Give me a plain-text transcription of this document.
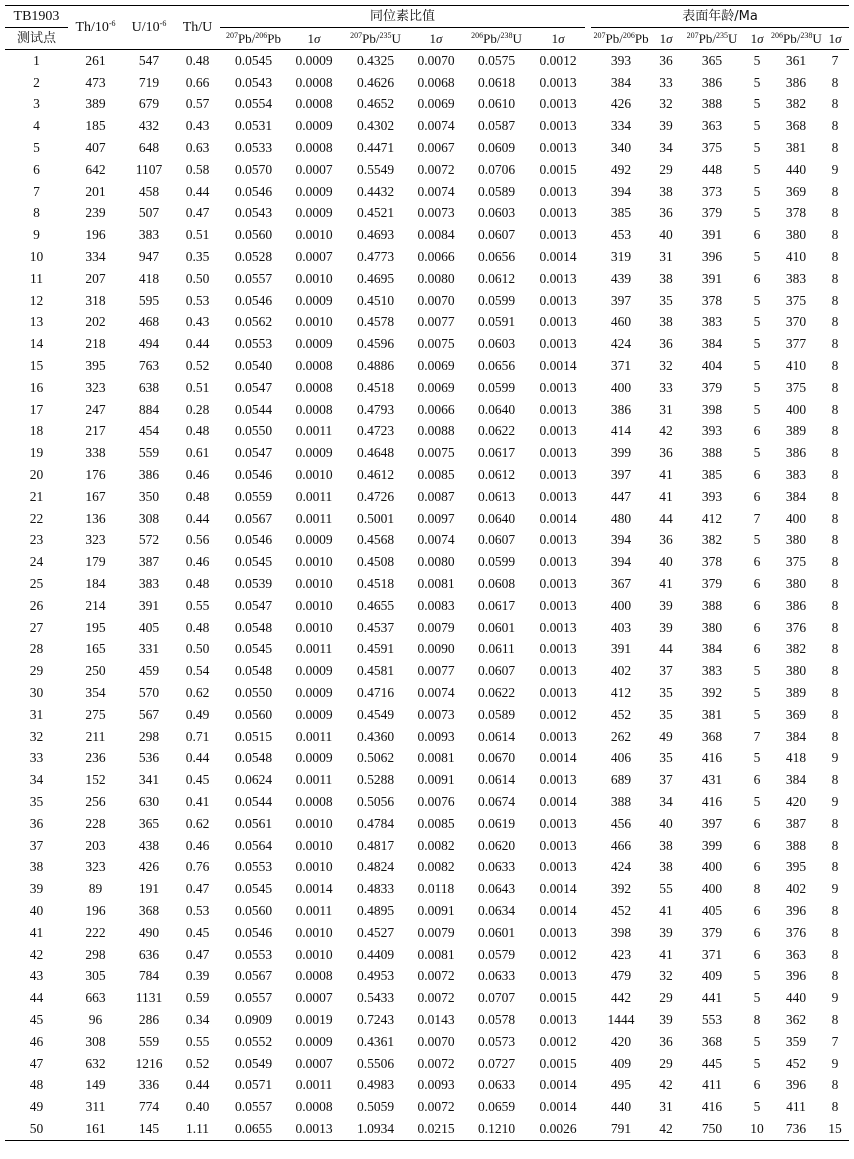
TB1903	$Th/10^{-6}$	$U/10^{-6}$	Th/U	同位素比值							表面年龄/Ma					
测试点				$^{207}$Pb/$^{206}$Pb	1σ	$^{207}$Pb/$^{235}$U	1σ	$^{206}$Pb/$^{238}$U	1σ		$^{207}$Pb/$^{206}$Pb	1σ	$^{207}$Pb/$^{235}$U	1σ	$^{206}$Pb/$^{238}$U	1σ
1	261	547	0.48	0.0545	0.0009	0.4325	0.0070	0.0575	0.0012		393	36	365	5	361	7
2	473	719	0.66	0.0543	0.0008	0.4626	0.0068	0.0618	0.0013		384	33	386	5	386	8
3	389	679	0.57	0.0554	0.0008	0.4652	0.0069	0.0610	0.0013		426	32	388	5	382	8
4	185	432	0.43	0.0531	0.0009	0.4302	0.0074	0.0587	0.0013		334	39	363	5	368	8
5	407	648	0.63	0.0533	0.0008	0.4471	0.0067	0.0609	0.0013		340	34	375	5	381	8
6	642	1107	0.58	0.0570	0.0007	0.5549	0.0072	0.0706	0.0015		492	29	448	5	440	9
7	201	458	0.44	0.0546	0.0009	0.4432	0.0074	0.0589	0.0013		394	38	373	5	369	8
8	239	507	0.47	0.0543	0.0009	0.4521	0.0073	0.0603	0.0013		385	36	379	5	378	8
9	196	383	0.51	0.0560	0.0010	0.4693	0.0084	0.0607	0.0013		453	40	391	6	380	8
10	334	947	0.35	0.0528	0.0007	0.4773	0.0066	0.0656	0.0014		319	31	396	5	410	8
11	207	418	0.50	0.0557	0.0010	0.4695	0.0080	0.0612	0.0013		439	38	391	6	383	8
12	318	595	0.53	0.0546	0.0009	0.4510	0.0070	0.0599	0.0013		397	35	378	5	375	8
13	202	468	0.43	0.0562	0.0010	0.4578	0.0077	0.0591	0.0013		460	38	383	5	370	8
14	218	494	0.44	0.0553	0.0009	0.4596	0.0075	0.0603	0.0013		424	36	384	5	377	8
15	395	763	0.52	0.0540	0.0008	0.4886	0.0069	0.0656	0.0014		371	32	404	5	410	8
16	323	638	0.51	0.0547	0.0008	0.4518	0.0069	0.0599	0.0013		400	33	379	5	375	8
17	247	884	0.28	0.0544	0.0008	0.4793	0.0066	0.0640	0.0013		386	31	398	5	400	8
18	217	454	0.48	0.0550	0.0011	0.4723	0.0088	0.0622	0.0013		414	42	393	6	389	8
19	338	559	0.61	0.0547	0.0009	0.4648	0.0075	0.0617	0.0013		399	36	388	5	386	8
20	176	386	0.46	0.0546	0.0010	0.4612	0.0085	0.0612	0.0013		397	41	385	6	383	8
21	167	350	0.48	0.0559	0.0011	0.4726	0.0087	0.0613	0.0013		447	41	393	6	384	8
22	136	308	0.44	0.0567	0.0011	0.5001	0.0097	0.0640	0.0014		480	44	412	7	400	8
23	323	572	0.56	0.0546	0.0009	0.4568	0.0074	0.0607	0.0013		394	36	382	5	380	8
24	179	387	0.46	0.0545	0.0010	0.4508	0.0080	0.0599	0.0013		394	40	378	6	375	8
25	184	383	0.48	0.0539	0.0010	0.4518	0.0081	0.0608	0.0013		367	41	379	6	380	8
26	214	391	0.55	0.0547	0.0010	0.4655	0.0083	0.0617	0.0013		400	39	388	6	386	8
27	195	405	0.48	0.0548	0.0010	0.4537	0.0079	0.0601	0.0013		403	39	380	6	376	8
28	165	331	0.50	0.0545	0.0011	0.4591	0.0090	0.0611	0.0013		391	44	384	6	382	8
29	250	459	0.54	0.0548	0.0009	0.4581	0.0077	0.0607	0.0013		402	37	383	5	380	8
30	354	570	0.62	0.0550	0.0009	0.4716	0.0074	0.0622	0.0013		412	35	392	5	389	8
31	275	567	0.49	0.0560	0.0009	0.4549	0.0073	0.0589	0.0012		452	35	381	5	369	8
32	211	298	0.71	0.0515	0.0011	0.4360	0.0093	0.0614	0.0013		262	49	368	7	384	8
33	236	536	0.44	0.0548	0.0009	0.5062	0.0081	0.0670	0.0014		406	35	416	5	418	9
34	152	341	0.45	0.0624	0.0011	0.5288	0.0091	0.0614	0.0013		689	37	431	6	384	8
35	256	630	0.41	0.0544	0.0008	0.5056	0.0076	0.0674	0.0014		388	34	416	5	420	9
36	228	365	0.62	0.0561	0.0010	0.4784	0.0085	0.0619	0.0013		456	40	397	6	387	8
37	203	438	0.46	0.0564	0.0010	0.4817	0.0082	0.0620	0.0013		466	38	399	6	388	8
38	323	426	0.76	0.0553	0.0010	0.4824	0.0082	0.0633	0.0013		424	38	400	6	395	8
39	89	191	0.47	0.0545	0.0014	0.4833	0.0118	0.0643	0.0014		392	55	400	8	402	9
40	196	368	0.53	0.0560	0.0011	0.4895	0.0091	0.0634	0.0014		452	41	405	6	396	8
41	222	490	0.45	0.0546	0.0010	0.4527	0.0079	0.0601	0.0013		398	39	379	6	376	8
42	298	636	0.47	0.0553	0.0010	0.4409	0.0081	0.0579	0.0012		423	41	371	6	363	8
43	305	784	0.39	0.0567	0.0008	0.4953	0.0072	0.0633	0.0013		479	32	409	5	396	8
44	663	1131	0.59	0.0557	0.0007	0.5433	0.0072	0.0707	0.0015		442	29	441	5	440	9
45	96	286	0.34	0.0909	0.0019	0.7243	0.0143	0.0578	0.0013		1444	39	553	8	362	8
46	308	559	0.55	0.0552	0.0009	0.4361	0.0070	0.0573	0.0012		420	36	368	5	359	7
47	632	1216	0.52	0.0549	0.0007	0.5506	0.0072	0.0727	0.0015		409	29	445	5	452	9
48	149	336	0.44	0.0571	0.0011	0.4983	0.0093	0.0633	0.0014		495	42	411	6	396	8
49	311	774	0.40	0.0557	0.0008	0.5059	0.0072	0.0659	0.0014		440	31	416	5	411	8
50	161	145	1.11	0.0655	0.0013	1.0934	0.0215	0.1210	0.0026		791	42	750	10	736	15
